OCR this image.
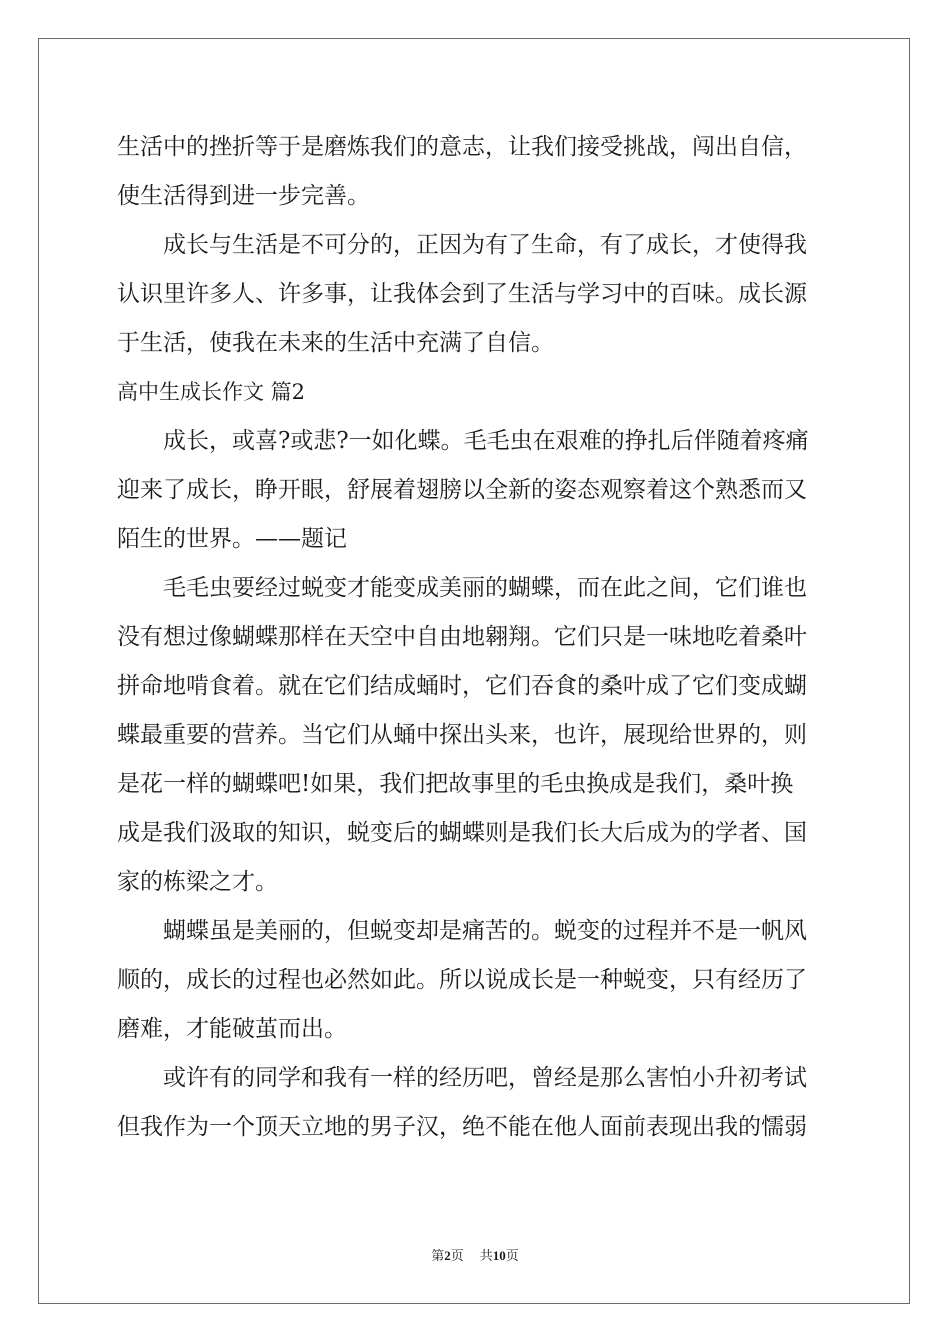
生活中的挫折等于是磨炼我们的意志，让我们接受挑战，闯出自信，
使生活得到进一步完善。
成长与生活是不可分的，正因为有了生命，有了成长，才使得我
认识里许多人、许多事，让我体会到了生活与学习中的百味。成长源
于生活，使我在未来的生活中充满了自信。
高中生成长作文 篇2
成长，或喜?或悲?一如化蝶。毛毛虫在艰难的挣扎后伴随着疼痛
迎来了成长，睁开眼，舒展着翅膀以全新的姿态观察着这个熟悉而又
陌生的世界。——题记
毛毛虫要经过蜕变才能变成美丽的蝴蝶，而在此之间，它们谁也
没有想过像蝴蝶那样在天空中自由地翱翔。它们只是一味地吃着桑叶
拼命地啃食着。就在它们结成蛹时，它们吞食的桑叶成了它们变成蝴
蝶最重要的营养。当它们从蛹中探出头来，也许，展现给世界的，则
是花一样的蝴蝶吧!如果，我们把故事里的毛虫换成是我们，桑叶换
成是我们汲取的知识，蜕变后的蝴蝶则是我们长大后成为的学者、国
家的栋梁之才。
蝴蝶虽是美丽的，但蜕变却是痛苦的。蜕变的过程并不是一帆风
顺的，成长的过程也必然如此。所以说成长是一种蜕变，只有经历了
磨难，才能破茧而出。
或许有的同学和我有一样的经历吧，曾经是那么害怕小升初考试
但我作为一个顶天立地的男子汉，绝不能在他人面前表现出我的懦弱
第2页 共10页
